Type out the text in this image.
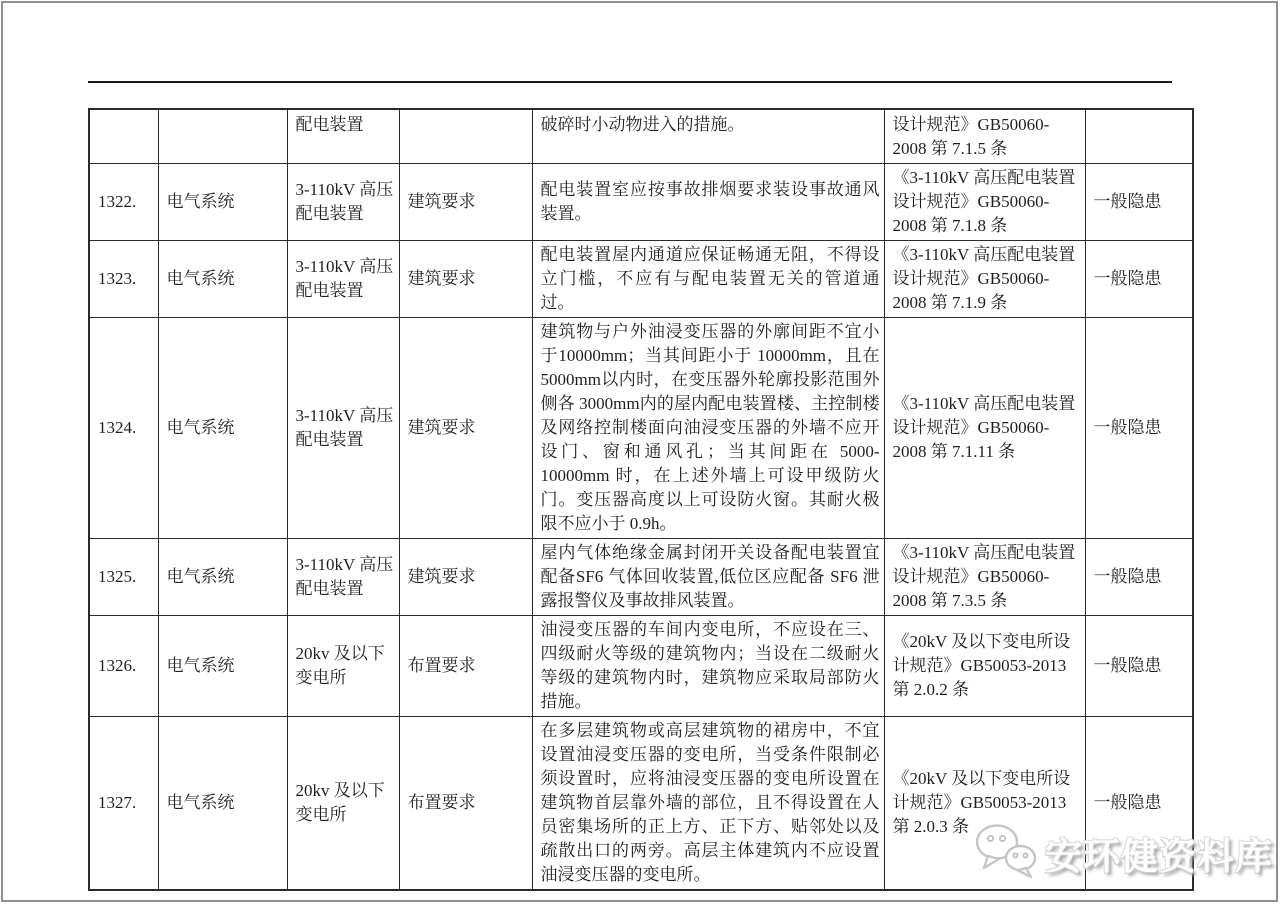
		配电装置		破碎时小动物进入的措施。	设计规范》GB50060-2008 第 7.1.5 条	
1322.	电气系统	3-110kV 高压配电装置	建筑要求	配电装置室应按事故排烟要求装设事故通风装置。	《3-110kV 高压配电装置设计规范》GB50060-2008 第 7.1.8 条	一般隐患
1323.	电气系统	3-110kV 高压配电装置	建筑要求	配电装置屋内通道应保证畅通无阻，不得设立门槛，不应有与配电装置无关的管道通过。	《3-110kV 高压配电装置设计规范》GB50060-2008 第 7.1.9 条	一般隐患
1324.	电气系统	3-110kV 高压配电装置	建筑要求	建筑物与户外油浸变压器的外廓间距不宜小于10000mm；当其间距小于 10000mm，且在 5000mm以内时，在变压器外轮廓投影范围外侧各 3000mm内的屋内配电装置楼、主控制楼及网络控制楼面向油浸变压器的外墙不应开设门、窗和通风孔；当其间距在 5000-10000mm 时，在上述外墙上可设甲级防火门。变压器高度以上可设防火窗。其耐火极限不应小于 0.9h。	《3-110kV 高压配电装置设计规范》GB50060-2008 第 7.1.11 条	一般隐患
1325.	电气系统	3-110kV 高压配电装置	建筑要求	屋内气体绝缘金属封闭开关设备配电装置宜配备SF6 气体回收装置,低位区应配备 SF6 泄露报警仪及事故排风装置。	《3-110kV 高压配电装置设计规范》GB50060-2008 第 7.3.5 条	一般隐患
1326.	电气系统	20kv 及以下变电所	布置要求	油浸变压器的车间内变电所，不应设在三、四级耐火等级的建筑物内；当设在二级耐火等级的建筑物内时，建筑物应采取局部防火措施。	《20kV 及以下变电所设计规范》GB50053-2013 第 2.0.2 条	一般隐患
1327.	电气系统	20kv 及以下变电所	布置要求	在多层建筑物或高层建筑物的裙房中，不宜设置油浸变压器的变电所，当受条件限制必须设置时，应将油浸变压器的变电所设置在建筑物首层靠外墙的部位，且不得设置在人员密集场所的正上方、正下方、贴邻处以及疏散出口的两旁。高层主体建筑内不应设置油浸变压器的变电所。	《20kV 及以下变电所设计规范》GB50053-2013 第 2.0.3 条	一般隐患
安环健资料库
